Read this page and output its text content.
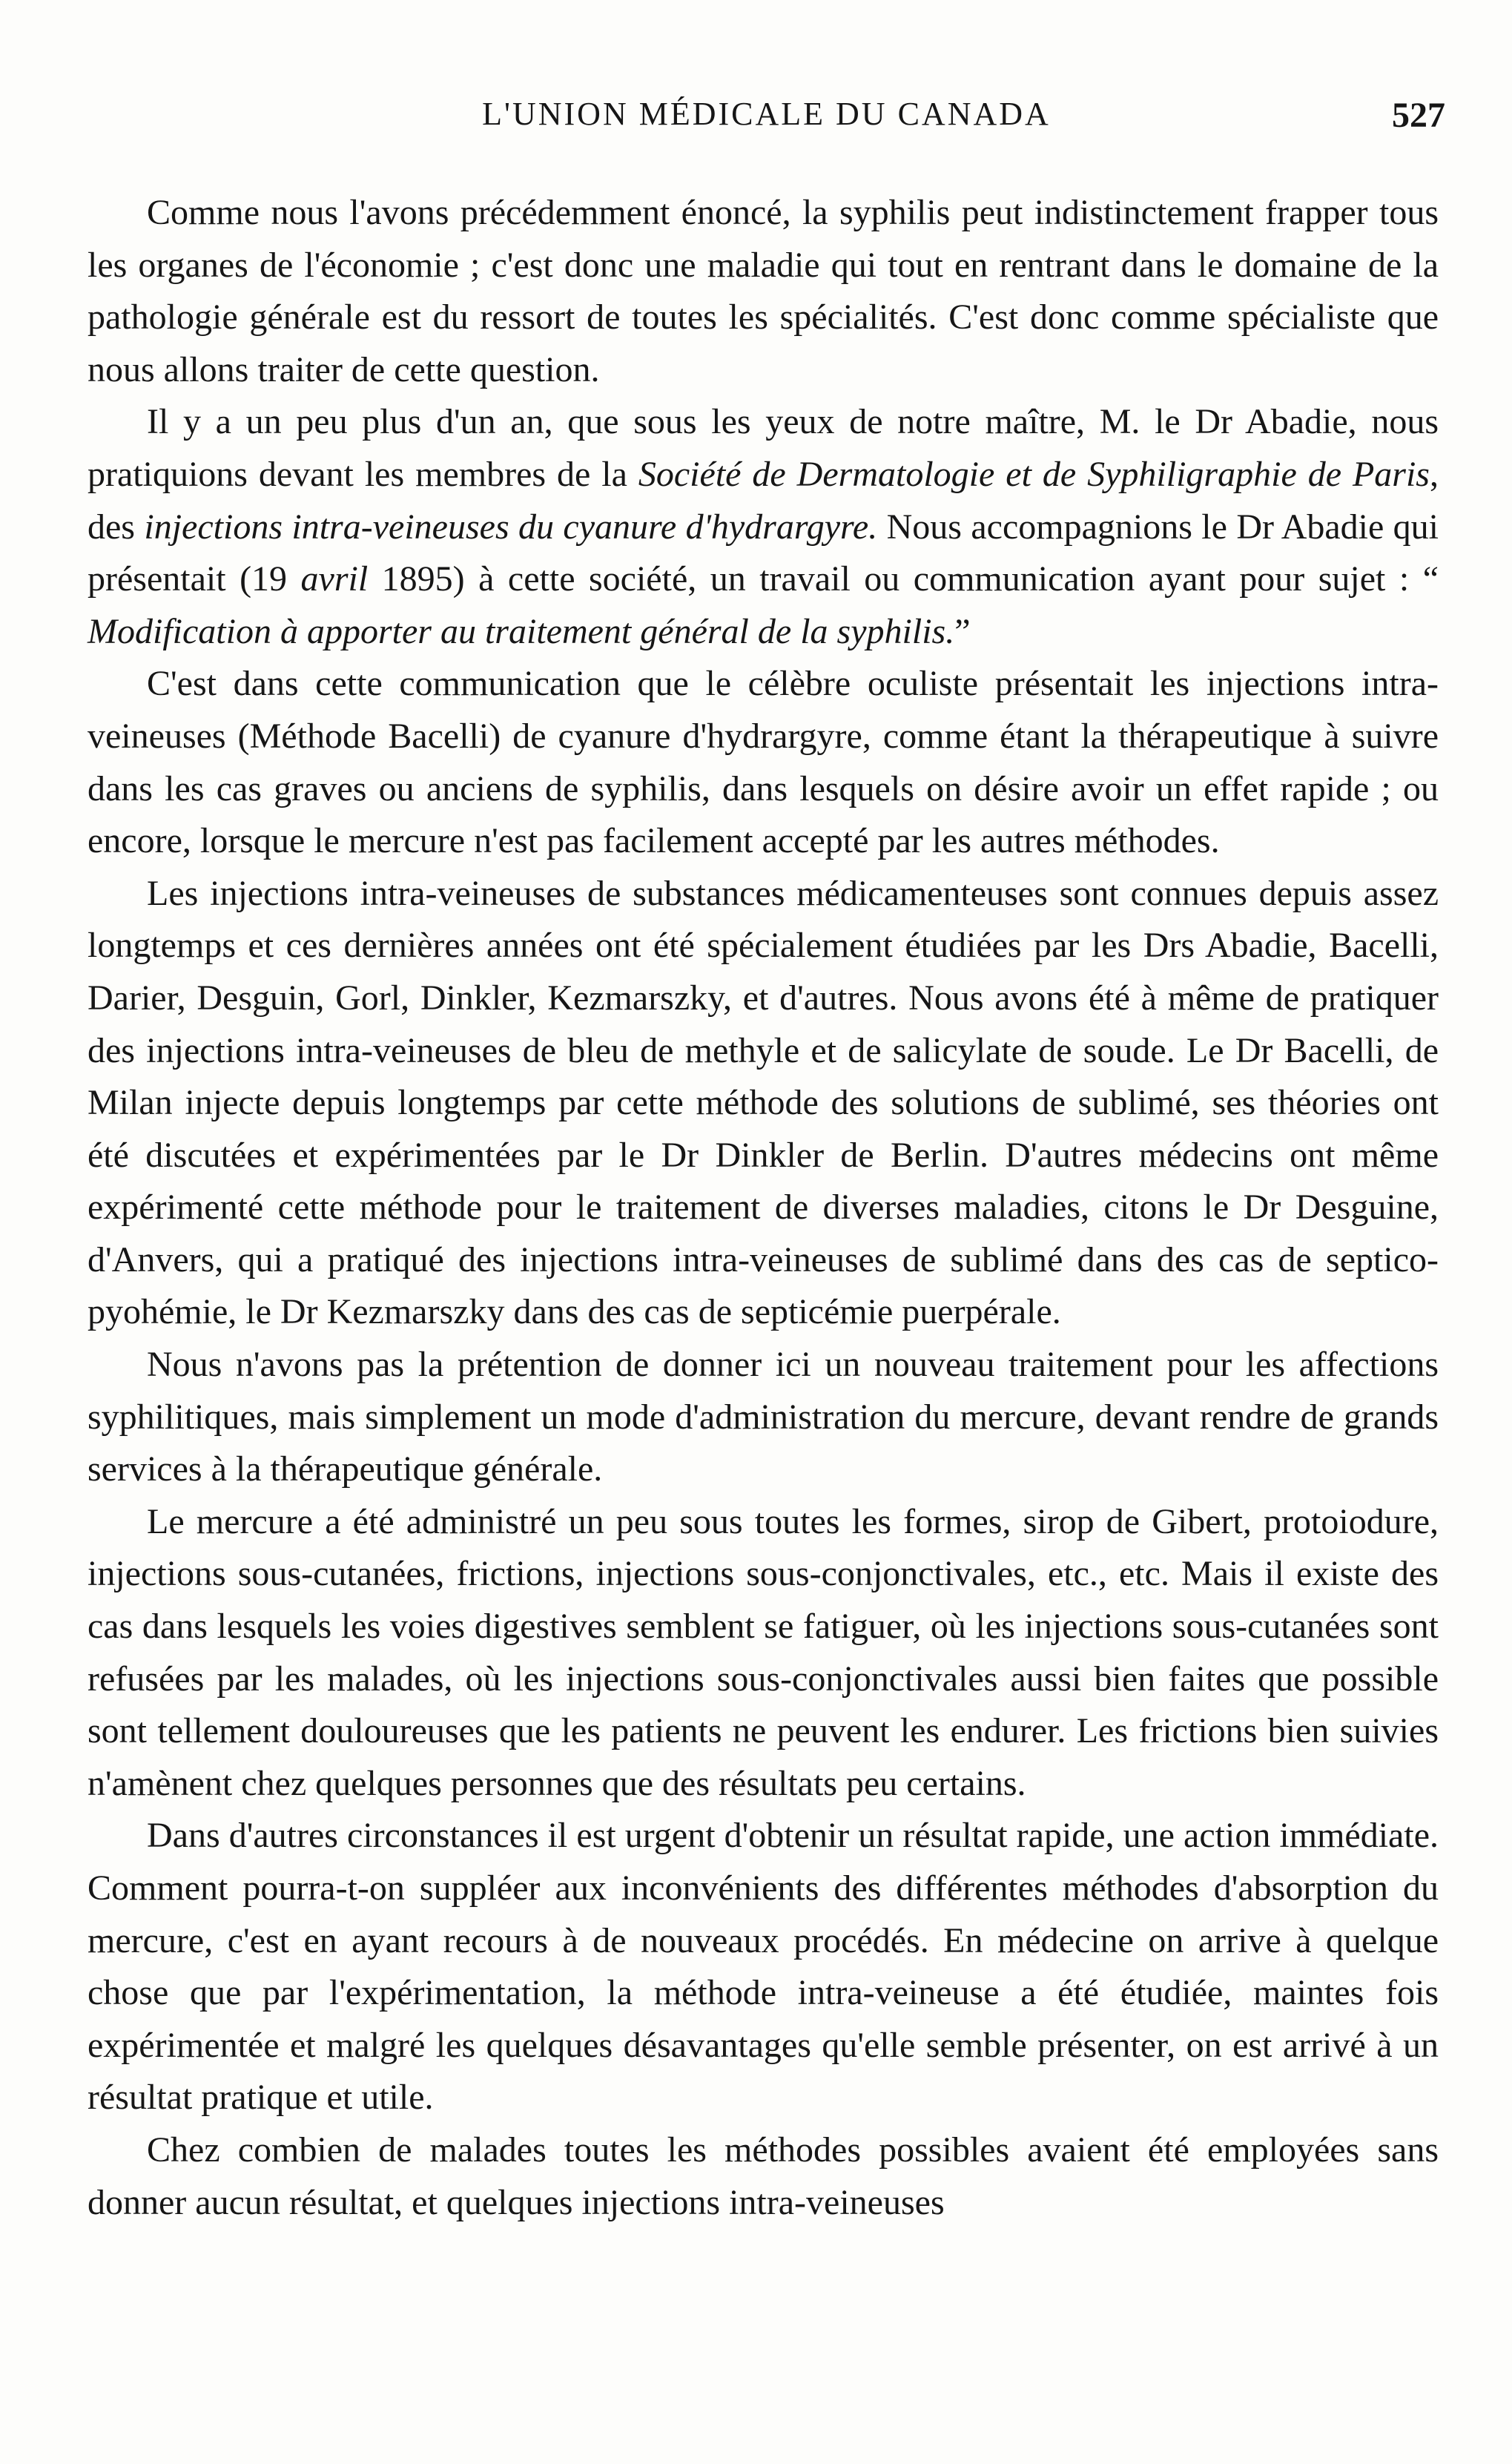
L'UNION MÉDICALE DU CANADA	527

Comme nous l'avons précédemment énoncé, la syphilis peut indistinctement frapper tous les organes de l'économie ; c'est donc une maladie qui tout en rentrant dans le domaine de la pathologie générale est du ressort de toutes les spécialités. C'est donc comme spécialiste que nous allons traiter de cette question.

Il y a un peu plus d'un an, que sous les yeux de notre maître, M. le Dr Abadie, nous pratiquions devant les membres de la Société de Dermatologie et de Syphiligraphie de Paris, des injections intra-veineuses du cyanure d'hydrargyre. Nous accompagnions le Dr Abadie qui présentait (19 avril 1895) à cette société, un travail ou communication ayant pour sujet : “ Modification à apporter au traitement général de la syphilis.”

C'est dans cette communication que le célèbre oculiste présentait les injections intra-veineuses (Méthode Bacelli) de cyanure d'hydrargyre, comme étant la thérapeutique à suivre dans les cas graves ou anciens de syphilis, dans lesquels on désire avoir un effet rapide ; ou encore, lorsque le mercure n'est pas facilement accepté par les autres méthodes.

Les injections intra-veineuses de substances médicamenteuses sont connues depuis assez longtemps et ces dernières années ont été spécialement étudiées par les Drs Abadie, Bacelli, Darier, Desguin, Gorl, Dinkler, Kezmarszky, et d'autres. Nous avons été à même de pratiquer des injections intra-veineuses de bleu de methyle et de salicylate de soude. Le Dr Bacelli, de Milan injecte depuis longtemps par cette méthode des solutions de sublimé, ses théories ont été discutées et expérimentées par le Dr Dinkler de Berlin. D'autres médecins ont même expérimenté cette méthode pour le traitement de diverses maladies, citons le Dr Desguine, d'Anvers, qui a pratiqué des injections intra-veineuses de sublimé dans des cas de septico-pyohémie, le Dr Kezmarszky dans des cas de septicémie puerpérale.

Nous n'avons pas la prétention de donner ici un nouveau traitement pour les affections syphilitiques, mais simplement un mode d'administration du mercure, devant rendre de grands services à la thérapeutique générale.

Le mercure a été administré un peu sous toutes les formes, sirop de Gibert, protoiodure, injections sous-cutanées, frictions, injections sous-conjonctivales, etc., etc. Mais il existe des cas dans lesquels les voies digestives semblent se fatiguer, où les injections sous-cutanées sont refusées par les malades, où les injections sous-conjonctivales aussi bien faites que possible sont tellement douloureuses que les patients ne peuvent les endurer. Les frictions bien suivies n'amènent chez quelques personnes que des résultats peu certains.

Dans d'autres circonstances il est urgent d'obtenir un résultat rapide, une action immédiate. Comment pourra-t-on suppléer aux inconvénients des différentes méthodes d'absorption du mercure, c'est en ayant recours à de nouveaux procédés. En médecine on arrive à quelque chose que par l'expérimentation, la méthode intra-veineuse a été étudiée, maintes fois expérimentée et malgré les quelques désavantages qu'elle semble présenter, on est arrivé à un résultat pratique et utile.

Chez combien de malades toutes les méthodes possibles avaient été employées sans donner aucun résultat, et quelques injections intra-veineuses
